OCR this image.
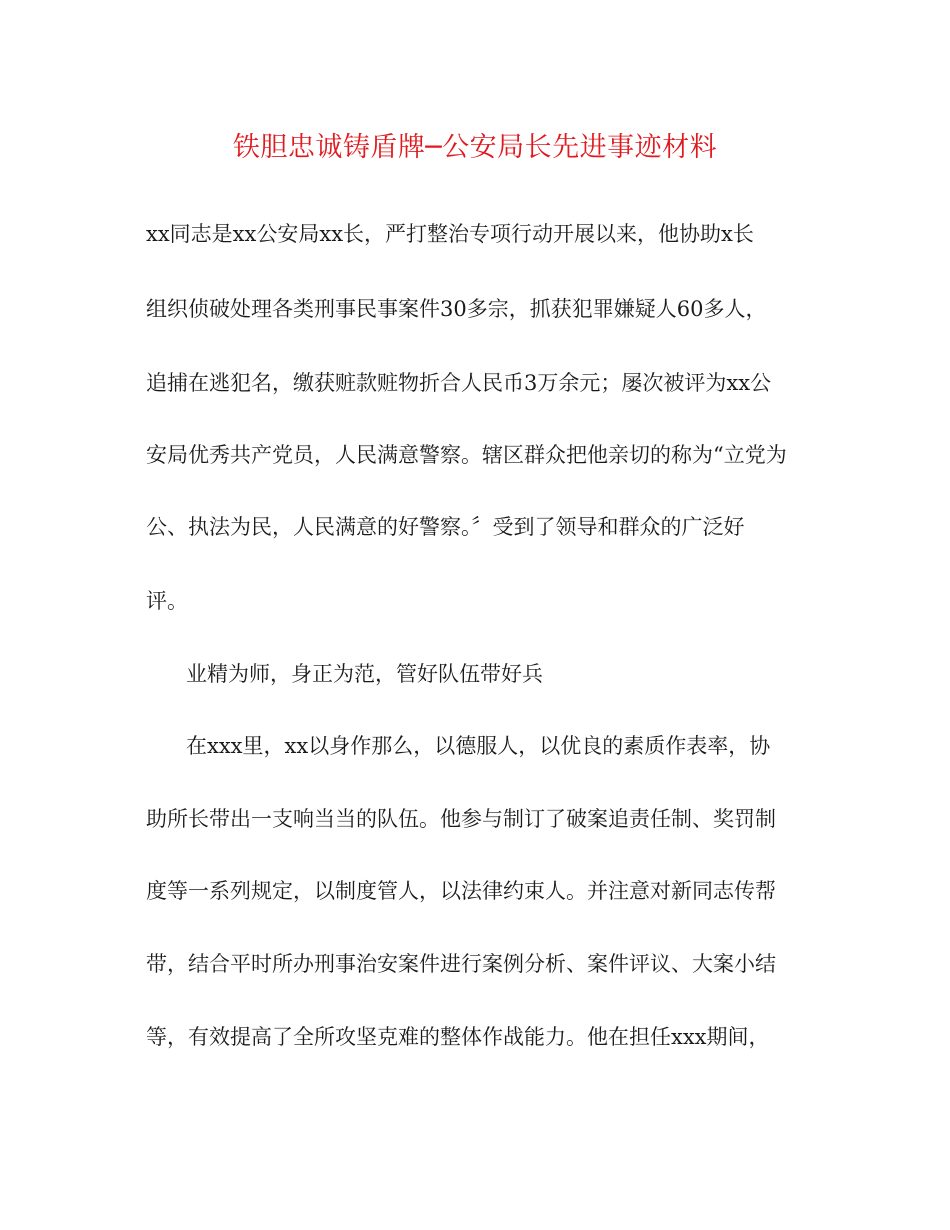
铁胆忠诚铸盾牌─公安局长先进事迹材料
xx同志是xx公安局xx长，严打整治专项行动开展以来，他协助x长
组织侦破处理各类刑事民事案件30多宗，抓获犯罪嫌疑人60多人，
追捕在逃犯名，缴获赃款赃物折合人民币3万余元；屡次被评为xx公
安局优秀共产党员，人民满意警察。辖区群众把他亲切的称为“立党为
公、执法为民，人民满意的好警察。〞受到了领导和群众的广泛好
评。
业精为师，身正为范，管好队伍带好兵
在xxx里，xx以身作那么，以德服人，以优良的素质作表率，协
助所长带出一支响当当的队伍。他参与制订了破案追责任制、奖罚制
度等一系列规定，以制度管人，以法律约束人。并注意对新同志传帮
带，结合平时所办刑事治安案件进行案例分析、案件评议、大案小结
等，有效提高了全所攻坚克难的整体作战能力。他在担任xxx期间，
